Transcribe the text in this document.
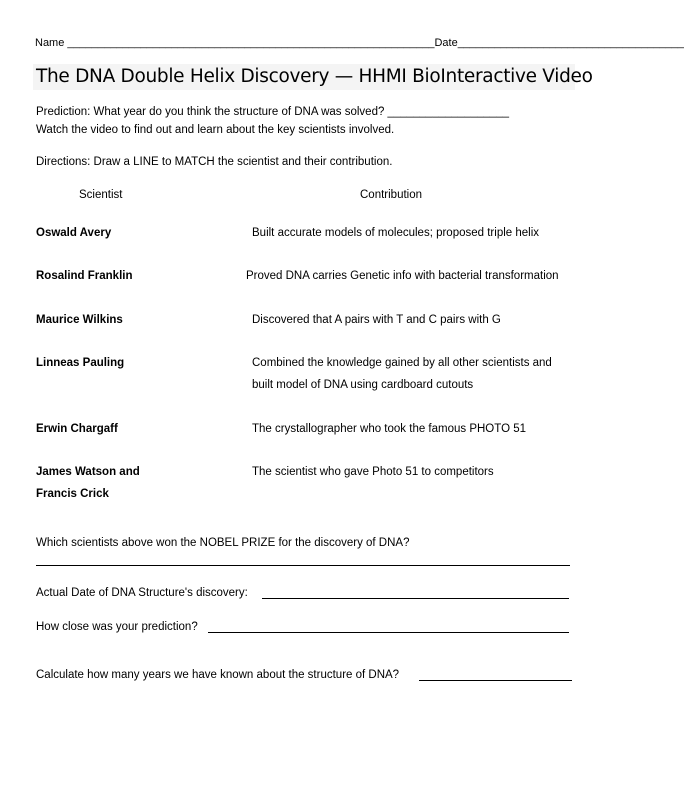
Name ____________________________________________________________Date_____________________________________
The DNA Double Helix Discovery — HHMI BioInteractive Video
Prediction: What year do you think the structure of DNA was solved? ___________________
Watch the video to find out and learn about the key scientists involved.
Directions: Draw a LINE to MATCH the scientist and their contribution.
Scientist	Contribution
Oswald Avery
Rosalind Franklin
Maurice Wilkins
Linneas Pauling
Erwin Chargaff
James Watson and
Francis Crick
Built accurate models of molecules; proposed triple helix
Proved DNA carries Genetic info with bacterial transformation
Discovered that A pairs with T and C pairs with G
Combined the knowledge gained by all other scientists and
built model of DNA using cardboard cutouts
The crystallographer who took the famous PHOTO 51
The scientist who gave Photo 51 to competitors
Which scientists above won the NOBEL PRIZE for the discovery of DNA?
Actual Date of DNA Structure's discovery:
How close was your prediction?
Calculate how many years we have known about the structure of DNA?
